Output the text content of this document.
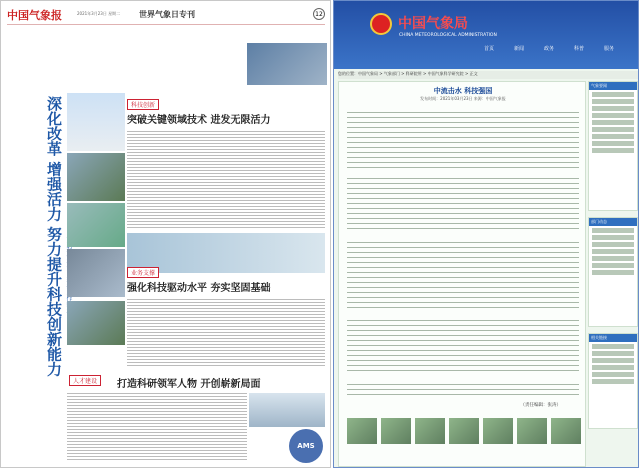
中国气象报	2021年3月23日 星期二 世界气象日专刊	12
深化改革 增强活力 努力提升科技创新能力	科技创新
突破关键领域技术 进发无限活力
业务支撑
强化科技驱动水平 夯实坚固基础
人才建设	打造科研领军人物 开创崭新局面
AMS
中国气象局
CHINA METEOROLOGICAL ADMINISTRATION
首页	新闻	政务	科普	服务
您的位置：中国气象局 > 气象部门 > 科研院所 > 中国气象科学研究院 > 正文
中流击水 科技强国
发布时间：2021年03月23日 来源：中国气象报
（责任编辑：张涛）
气象要闻
部门动态
相关链接
